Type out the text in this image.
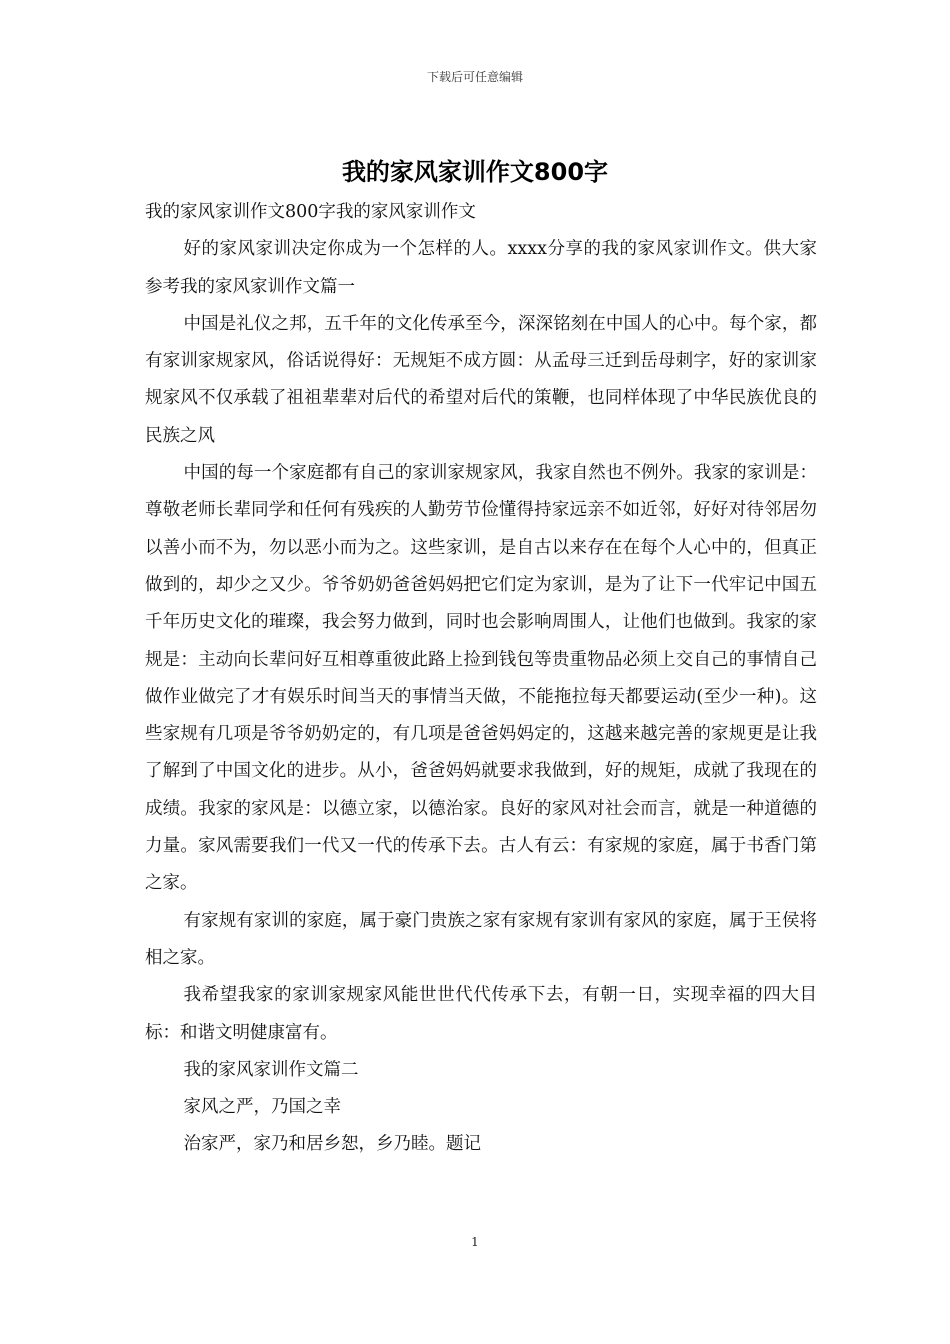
下载后可任意编辑
我的家风家训作文800字

我的家风家训作文800字我的家风家训作文

好的家风家训决定你成为一个怎样的人。xxxx分享的我的家风家训作文。供大家参考我的家风家训作文篇一

中国是礼仪之邦，五千年的文化传承至今，深深铭刻在中国人的心中。每个家，都有家训家规家风，俗话说得好：无规矩不成方圆：从孟母三迁到岳母刺字，好的家训家规家风不仅承载了祖祖辈辈对后代的希望对后代的策鞭，也同样体现了中华民族优良的民族之风

中国的每一个家庭都有自己的家训家规家风，我家自然也不例外。我家的家训是：尊敬老师长辈同学和任何有残疾的人勤劳节俭懂得持家远亲不如近邻，好好对待邻居勿以善小而不为，勿以恶小而为之。这些家训，是自古以来存在在每个人心中的，但真正做到的，却少之又少。爷爷奶奶爸爸妈妈把它们定为家训，是为了让下一代牢记中国五千年历史文化的璀璨，我会努力做到，同时也会影响周围人，让他们也做到。我家的家规是：主动向长辈问好互相尊重彼此路上捡到钱包等贵重物品必须上交自己的事情自己做作业做完了才有娱乐时间当天的事情当天做，不能拖拉每天都要运动(至少一种)。这些家规有几项是爷爷奶奶定的，有几项是爸爸妈妈定的，这越来越完善的家规更是让我了解到了中国文化的进步。从小，爸爸妈妈就要求我做到，好的规矩，成就了我现在的成绩。我家的家风是：以德立家，以德治家。良好的家风对社会而言，就是一种道德的力量。家风需要我们一代又一代的传承下去。古人有云：有家规的家庭，属于书香门第之家。

有家规有家训的家庭，属于豪门贵族之家有家规有家训有家风的家庭，属于王侯将相之家。

我希望我家的家训家规家风能世世代代传承下去，有朝一日，实现幸福的四大目标：和谐文明健康富有。

我的家风家训作文篇二

家风之严，乃国之幸

治家严，家乃和居乡恕，乡乃睦。题记

1
